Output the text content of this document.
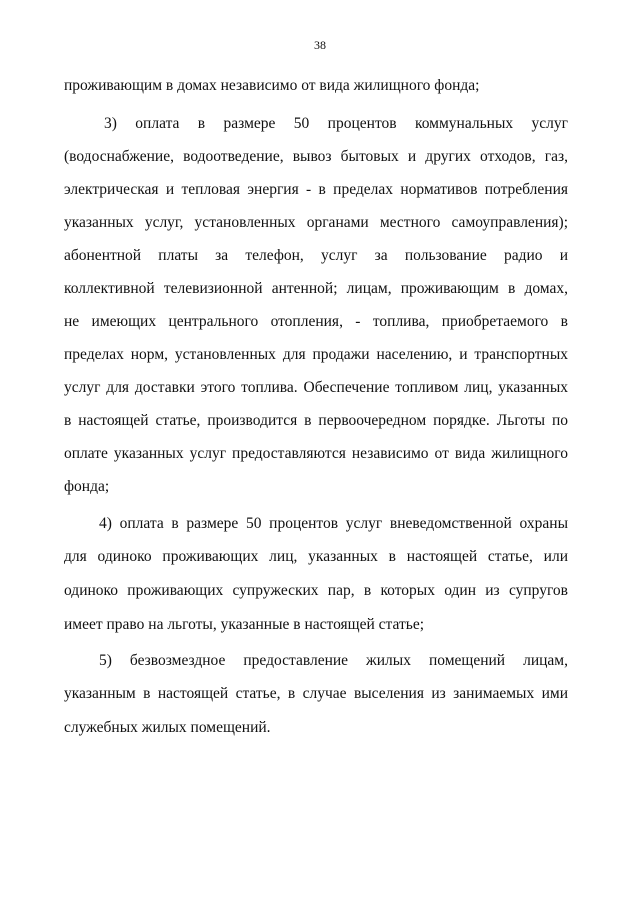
38
проживающим в домах независимо от вида жилищного фонда;
3) оплата в размере 50 процентов коммунальных услуг
(водоснабжение, водоотведение, вывоз бытовых и других отходов, газ,
электрическая и тепловая энергия - в пределах нормативов потребления
указанных услуг, установленных органами местного самоуправления);
абонентной платы за телефон, услуг за пользование радио и
коллективной телевизионной антенной; лицам, проживающим в домах,
не имеющих центрального отопления, - топлива, приобретаемого в
пределах норм, установленных для продажи населению, и транспортных
услуг для доставки этого топлива. Обеспечение топливом лиц, указанных
в настоящей статье, производится в первоочередном порядке. Льготы по
оплате указанных услуг предоставляются независимо от вида жилищного
фонда;
4) оплата в размере 50 процентов услуг вневедомственной охраны
для одиноко проживающих лиц, указанных в настоящей статье, или
одиноко проживающих супружеских пар, в которых один из супругов
имеет право на льготы, указанные в настоящей статье;
5) безвозмездное предоставление жилых помещений лицам,
указанным в настоящей статье, в случае выселения из занимаемых ими
служебных жилых помещений.
